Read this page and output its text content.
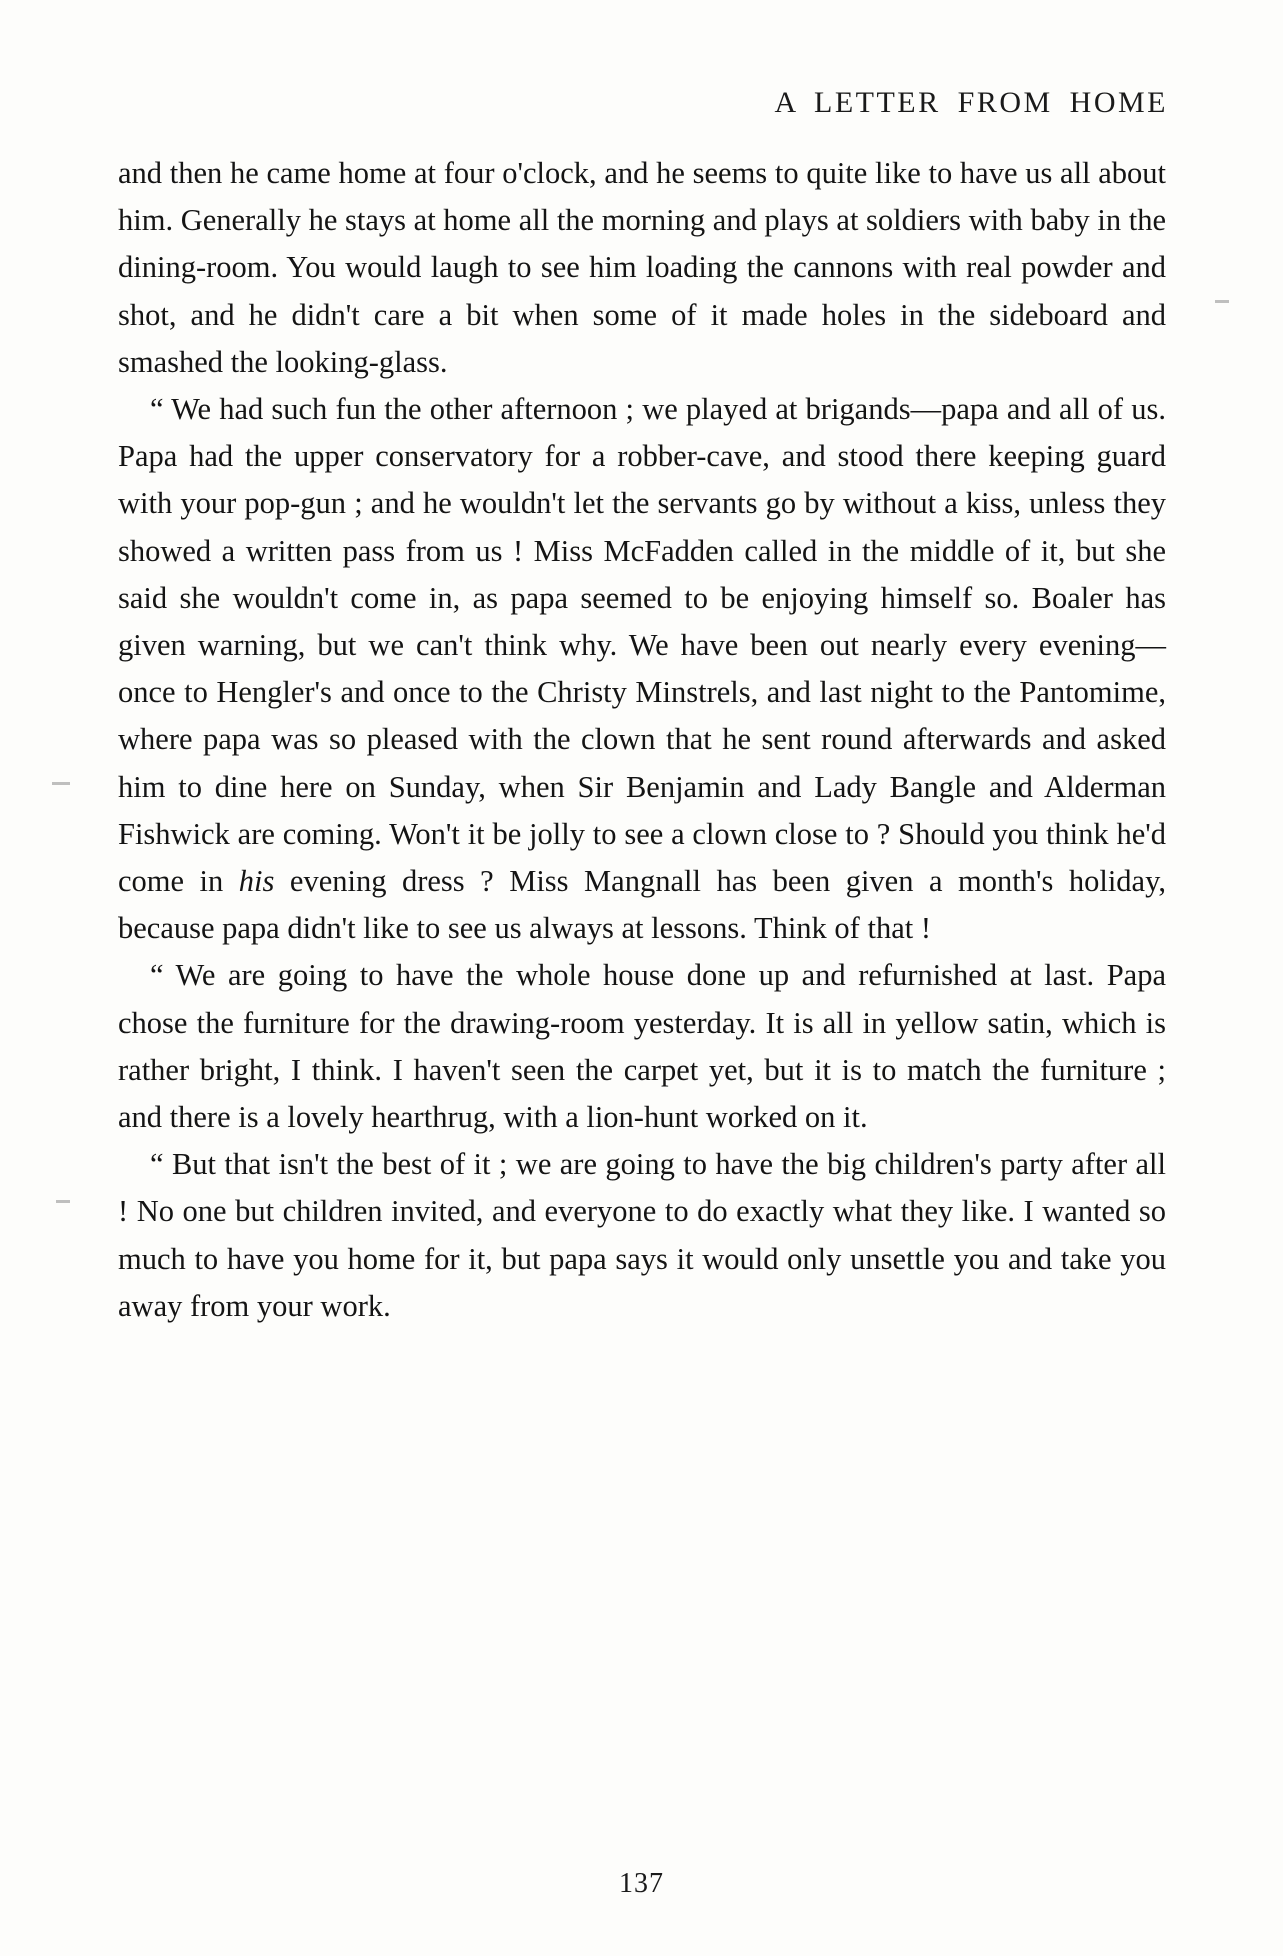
A LETTER FROM HOME

and then he came home at four o'clock, and he seems to quite like to have us all about him. Generally he stays at home all the morning and plays at soldiers with baby in the dining-room. You would laugh to see him loading the cannons with real powder and shot, and he didn't care a bit when some of it made holes in the sideboard and smashed the looking-glass.

“ We had such fun the other afternoon ; we played at brigands—papa and all of us. Papa had the upper conservatory for a robber-cave, and stood there keeping guard with your pop-gun ; and he wouldn't let the servants go by without a kiss, unless they showed a written pass from us ! Miss McFadden called in the middle of it, but she said she wouldn't come in, as papa seemed to be enjoying himself so. Boaler has given warning, but we can't think why. We have been out nearly every evening—once to Hengler's and once to the Christy Minstrels, and last night to the Pantomime, where papa was so pleased with the clown that he sent round afterwards and asked him to dine here on Sunday, when Sir Benjamin and Lady Bangle and Alderman Fishwick are coming. Won't it be jolly to see a clown close to ? Should you think he'd come in his evening dress ? Miss Mangnall has been given a month's holiday, because papa didn't like to see us always at lessons. Think of that !

“ We are going to have the whole house done up and refurnished at last. Papa chose the furniture for the drawing-room yesterday. It is all in yellow satin, which is rather bright, I think. I haven't seen the carpet yet, but it is to match the furniture ; and there is a lovely hearthrug, with a lion-hunt worked on it.

“ But that isn't the best of it ; we are going to have the big children's party after all ! No one but children invited, and everyone to do exactly what they like. I wanted so much to have you home for it, but papa says it would only unsettle you and take you away from your work.

137
